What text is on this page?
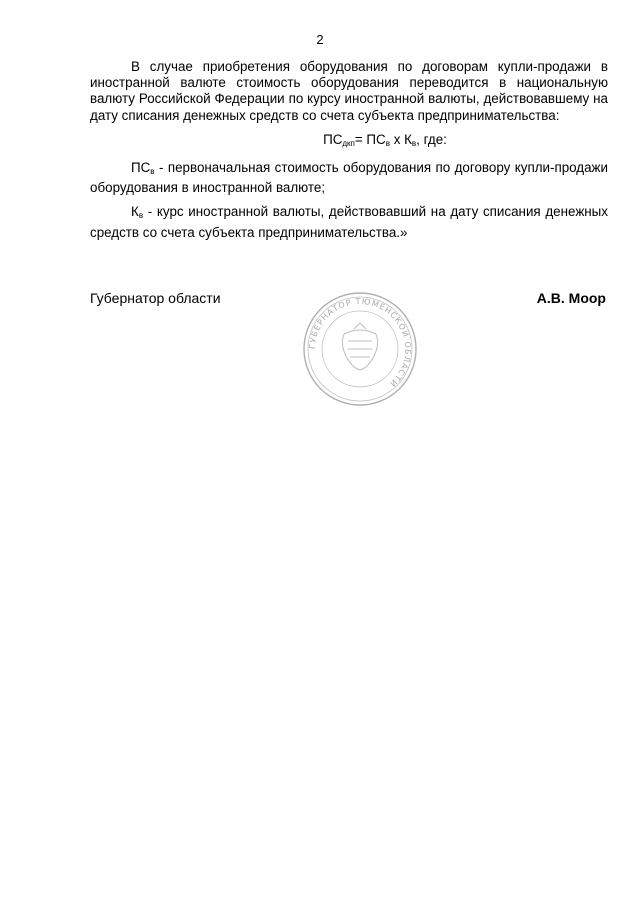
2

В случае приобретения оборудования по договорам купли-продажи в иностранной валюте стоимость оборудования переводится в национальную валюту Российской Федерации по курсу иностранной валюты, действовавшему на дату списания денежных средств со счета субъекта предпринимательства:

$ПС_{дкп}= ПС_в$ x $К_в$, где:

$ПС_в$ - первоначальная стоимость оборудования по договору купли-продажи оборудования в иностранной валюте;

$К_в$ - курс иностранной валюты, действовавший на дату списания денежных средств со счета субъекта предпринимательства.»

Губернатор области	А.В. Моор
ГУБЕРНАТОР ТЮМЕНСКОЙ ОБЛАСТИ
